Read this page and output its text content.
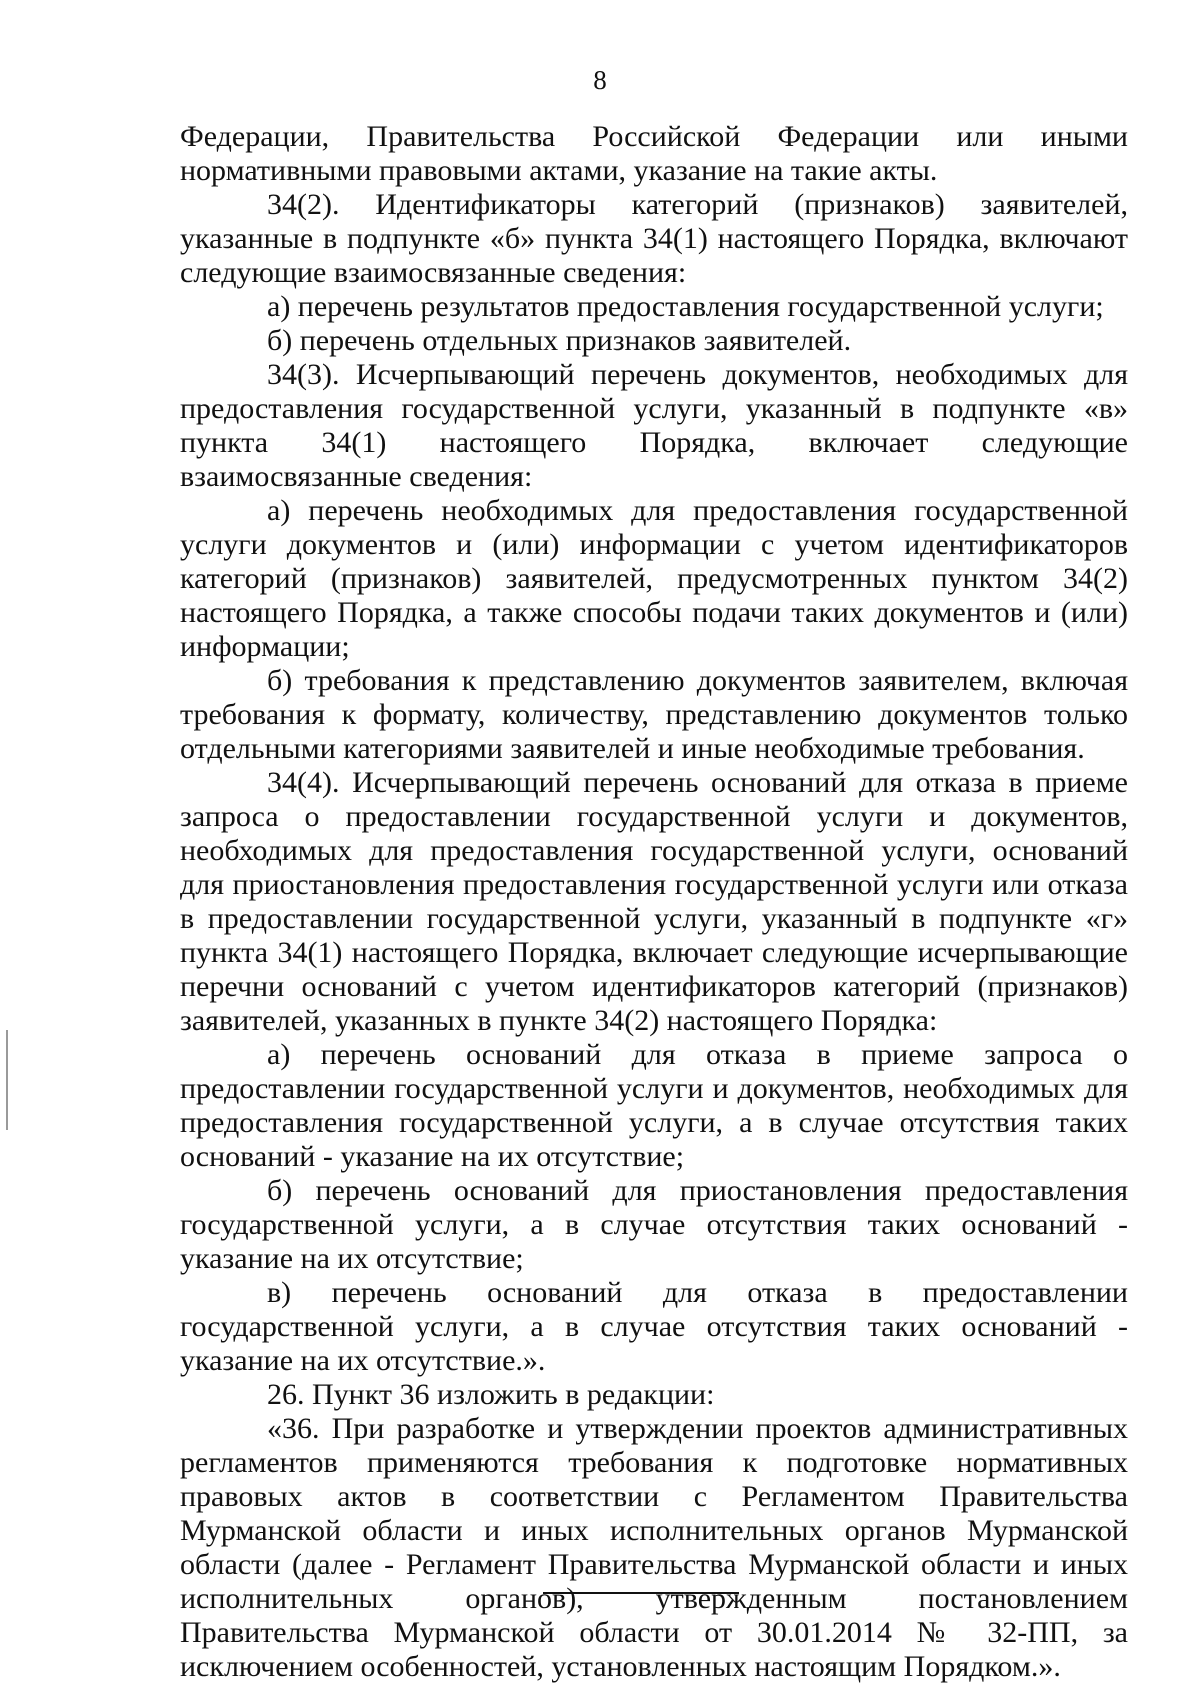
8

Федерации, Правительства Российской Федерации или иными нормативными правовыми актами, указание на такие акты.

34(2). Идентификаторы категорий (признаков) заявителей, указанные в подпункте «б» пункта 34(1) настоящего Порядка, включают следующие взаимосвязанные сведения:

а) перечень результатов предоставления государственной услуги;

б) перечень отдельных признаков заявителей.

34(3). Исчерпывающий перечень документов, необходимых для предоставления государственной услуги, указанный в подпункте «в» пункта 34(1) настоящего Порядка, включает следующие взаимосвязанные сведения:

а) перечень необходимых для предоставления государственной услуги документов и (или) информации с учетом идентификаторов категорий (признаков) заявителей, предусмотренных пунктом 34(2) настоящего Порядка, а также способы подачи таких документов и (или) информации;

б) требования к представлению документов заявителем, включая требования к формату, количеству, представлению документов только отдельными категориями заявителей и иные необходимые требования.

34(4). Исчерпывающий перечень оснований для отказа в приеме запроса о предоставлении государственной услуги и документов, необходимых для предоставления государственной услуги, оснований для приостановления предоставления государственной услуги или отказа в предоставлении государственной услуги, указанный в подпункте «г» пункта 34(1) настоящего Порядка, включает следующие исчерпывающие перечни оснований с учетом идентификаторов категорий (признаков) заявителей, указанных в пункте 34(2) настоящего Порядка:

а) перечень оснований для отказа в приеме запроса о предоставлении государственной услуги и документов, необходимых для предоставления государственной услуги, а в случае отсутствия таких оснований - указание на их отсутствие;

б) перечень оснований для приостановления предоставления государственной услуги, а в случае отсутствия таких оснований - указание на их отсутствие;

в) перечень оснований для отказа в предоставлении государственной услуги, а в случае отсутствия таких оснований - указание на их отсутствие.».

26. Пункт 36 изложить в редакции:

«36. При разработке и утверждении проектов административных регламентов применяются требования к подготовке нормативных правовых актов в соответствии с Регламентом Правительства Мурманской области и иных исполнительных органов Мурманской области (далее - Регламент Правительства Мурманской области и иных исполнительных органов), утвержденным постановлением Правительства Мурманской области от 30.01.2014 № 32-ПП, за исключением особенностей, установленных настоящим Порядком.».
